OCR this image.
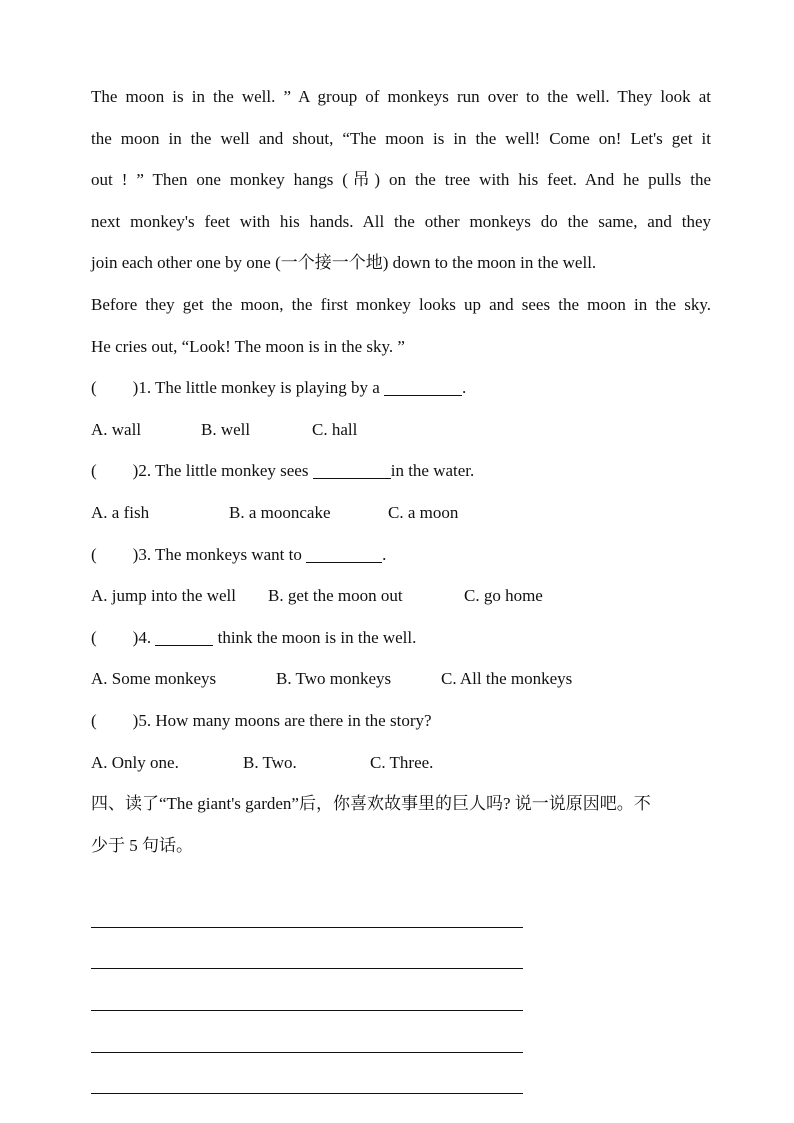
The moon is in the well. ” A group of monkeys run over to the well. They look at
the moon in the well and shout, “The moon is in the well! Come on! Let's get it
out ! ” Then one monkey hangs (吊) on the tree with his feet. And he pulls the
next monkey's feet with his hands. All the other monkeys do the same, and they
join each other one by one (一个接一个地) down to the moon in the well.
Before they get the moon, the first monkey looks up and sees the moon in the sky.
He cries out, “Look! The moon is in the sky. ”
( )1. The little monkey is playing by a	.
A. wall	B. well	C. hall
( )2. The little monkey sees	in the water.
A. a fish	B. a mooncake	C. a moon
( )3. The monkeys want to	.
A. jump into the well B. get the moon out	C. go home
( )4.	think the moon is in the well.
A. Some monkeys	B. Two monkeys	C. All the monkeys
( )5. How many moons are there in the story?
A. Only one.	B. Two.	C. Three.
四、读了“The giant's garden”后，你喜欢故事里的巨人吗? 说一说原因吧。不
少于 5 句话。
